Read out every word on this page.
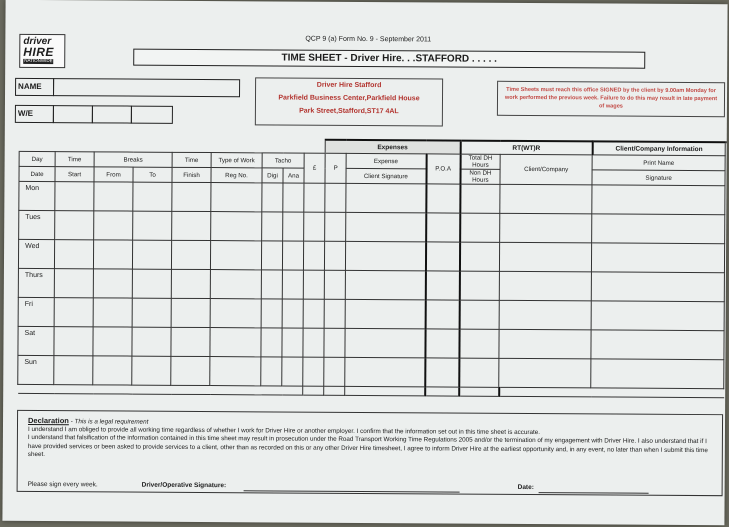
driver
HIRE
NATIONWIDE
QCP 9 (a) Form No. 9 - September 2011
TIME SHEET - Driver Hire. . .STAFFORD . . . . .
NAME
W/E
Driver Hire Stafford
Parkfield Business Center,Parkfield House
Park Street,Stafford,ST17 4AL
Time Sheets must reach this office SIGNED by the client by 9.00am Monday for work performed the previous week. Failure to do this may result in late payment of wages
									Expenses			RT(WT)R		Client/Company Information
Day	Time	Breaks		Time	Type of Work	Tacho		£	P	Expense	P.O.A	Total DH Hours	Client/Company	Print Name
Date	Start	From	To	Finish	Reg No.	Digi	Ana			Client Signature		Non DH Hours		Signature
Mon														
Tues														
Wed														
Thurs														
Fri														
Sat														
Sun														

Declaration - This is a legal requirement
I understand I am obliged to provide all working time regardless of whether I work for Driver Hire or another employer. I confirm that the information set out in this time sheet is accurate.
I understand that falsification of the information contained in this time sheet may result in prosecution under the Road Transport Working Time Regulations 2005 and/or the termination of my engagement with Driver Hire. I also understand that if I have provided services or been asked to provide services to a client, other than as recorded on this or any other Driver Hire timesheet, I agree to inform Driver Hire at the earliest opportunity and, in any event, no later than when I submit this time sheet.
Please sign every week.	Driver/Operative Signature:	Date:
